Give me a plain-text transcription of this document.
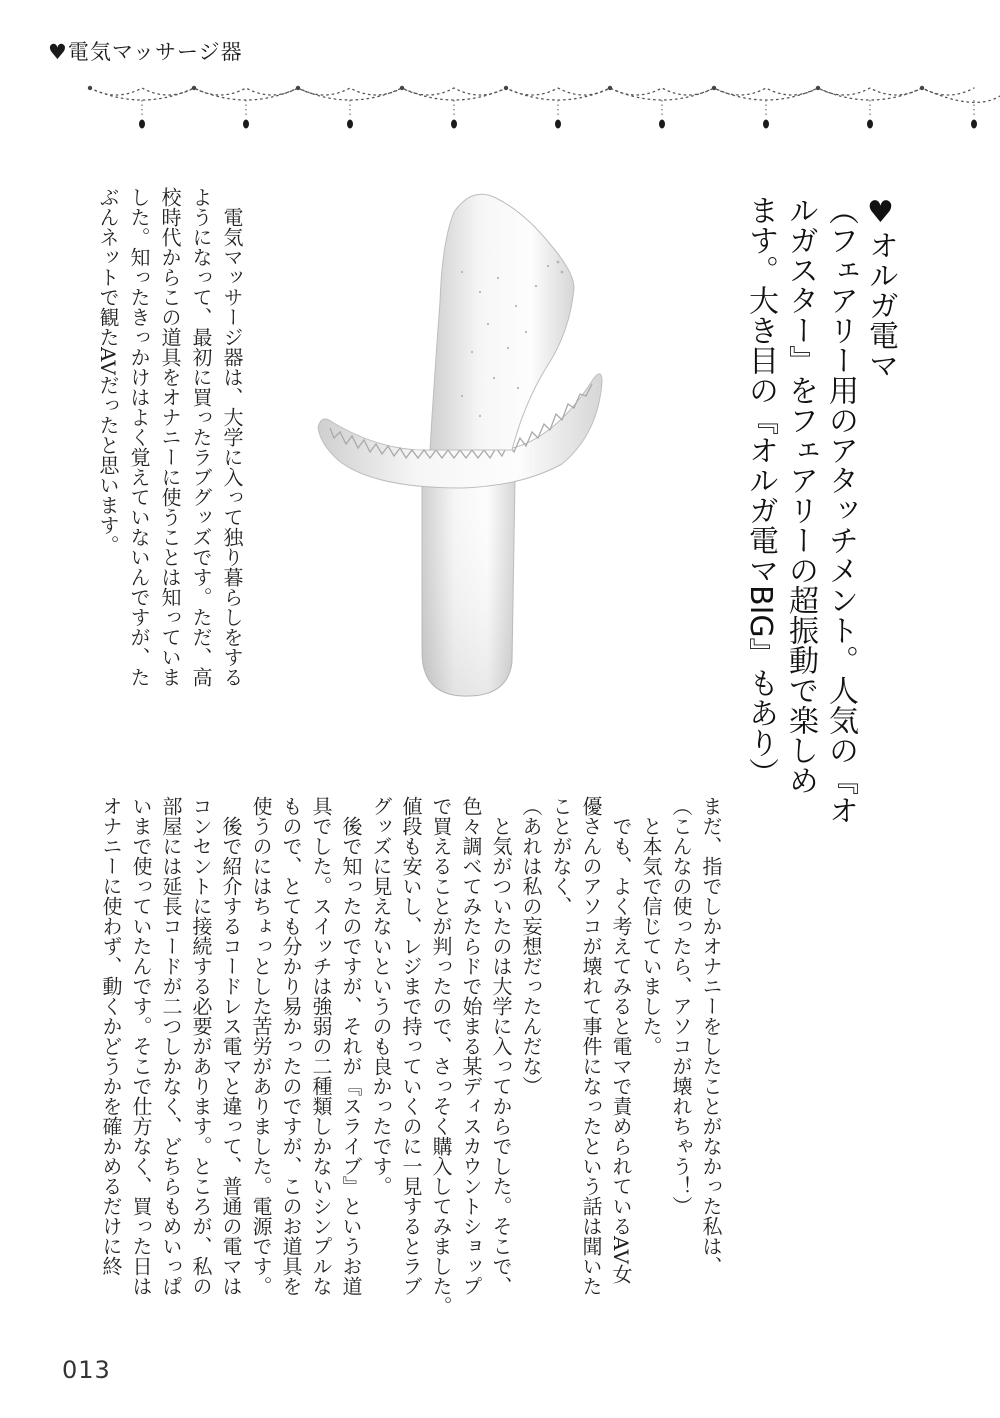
♥電気マッサージ器
♥オルガ電マ
（フェアリー用のアタッチメント。人気の『オ
ルガスター』をフェアリーの超振動で楽しめ
ます。大き目の『オルガ電マBIG』もあり）
　電気マッサージ器は、大学に入って独り暮らしをする
ようになって、最初に買ったラブグッズです。ただ、高
校時代からこの道具をオナニーに使うことは知っていま
した。知ったきっかけはよく覚えていないんですが、た
ぶんネットで観たAVだったと思います。
まだ、指でしかオナニーをしたことがなかった私は、
（こんなの使ったら、アソコが壊れちゃう！）
　と本気で信じていました。
　でも、よく考えてみると電マで責められているAV女
優さんのアソコが壊れて事件になったという話は聞いた
ことがなく、
（あれは私の妄想だったんだな）
　と気がついたのは大学に入ってからでした。そこで、
色々調べてみたらドで始まる某ディスカウントショップ
で買えることが判ったので、さっそく購入してみました。
値段も安いし、レジまで持っていくのに一見するとラブ
グッズに見えないというのも良かったです。
　後で知ったのですが、それが『スライブ』というお道
具でした。スイッチは強弱の二種類しかないシンプルな
もので、とても分かり易かったのですが、このお道具を
使うのにはちょっとした苦労がありました。電源です。
　後で紹介するコードレス電マと違って、普通の電マは
コンセントに接続する必要があります。ところが、私の
部屋には延長コードが二つしかなく、どちらもめいっぱ
いまで使っていたんです。そこで仕方なく、買った日は
オナニーに使わず、動くかどうかを確かめるだけに終
013
